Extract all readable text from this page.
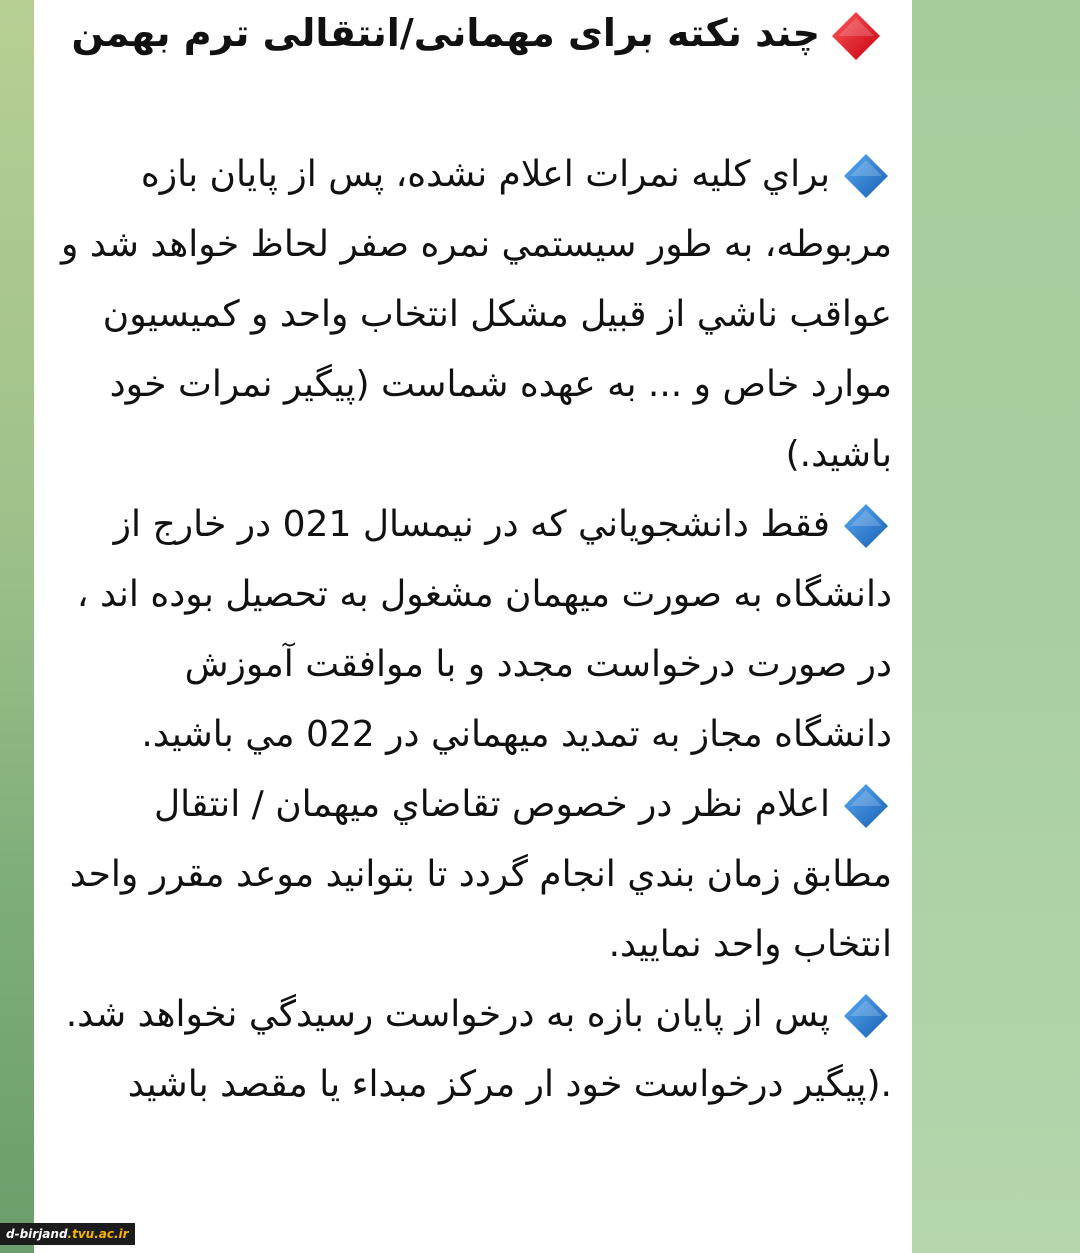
چند نکته برای مهمانی/انتقالی ترم بهمن

براي کليه نمرات اعلام نشده، پس از پايان بازه مربوطه، به طور سيستمي نمره صفر لحاظ خواهد شد و عواقب ناشي از قبيل مشکل انتخاب واحد و کميسيون موارد خاص و ... به عهده شماست (پيگير نمرات خود باشيد.)

فقط دانشجوياني که در نيمسال 021 در خارج از دانشگاه به صورت ميهمان مشغول به تحصيل بوده اند ، در صورت درخواست مجدد و با موافقت آموزش دانشگاه مجاز به تمديد ميهماني در 022 مي باشيد.

اعلام نظر در خصوص تقاضاي ميهمان / انتقال مطابق زمان بندي انجام گردد تا بتوانيد موعد مقرر واحد انتخاب واحد نماييد.

پس از پايان بازه به درخواست رسيدگي نخواهد شد. .(پيگير درخواست خود ار مرکز مبداء يا مقصد باشيد

d-birjand.tvu.ac.ir
